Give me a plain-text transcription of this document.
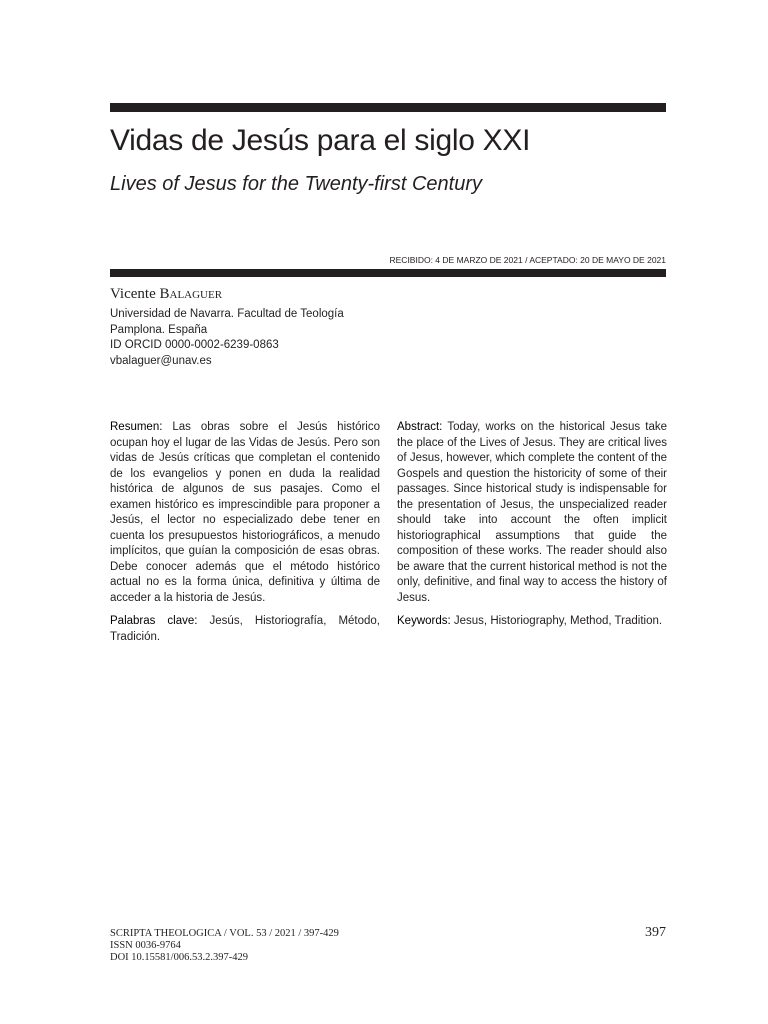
Vidas de Jesús para el siglo XXI
Lives of Jesus for the Twenty-first Century
RECIBIDO: 4 DE MARZO DE 2021 / ACEPTADO: 20 DE MAYO DE 2021
Vicente Balaguer
Universidad de Navarra. Facultad de Teología
Pamplona. España
ID ORCID 0000-0002-6239-0863
vbalaguer@unav.es

Resumen: Las obras sobre el Jesús histórico ocupan hoy el lugar de las Vidas de Jesús. Pero son vidas de Jesús críticas que completan el contenido de los evangelios y ponen en duda la realidad histórica de algunos de sus pasajes. Como el examen histórico es imprescindible para proponer a Jesús, el lector no especializado debe tener en cuenta los presupuestos historiográficos, a menudo implícitos, que guían la composición de esas obras. Debe conocer además que el método histórico actual no es la forma única, definitiva y última de acceder a la historia de Jesús.

Palabras clave: Jesús, Historiografía, Método, Tradición.

Abstract: Today, works on the historical Jesus take the place of the Lives of Jesus. They are critical lives of Jesus, however, which complete the content of the Gospels and question the historicity of some of their passages. Since historical study is indispensable for the presentation of Jesus, the unspecialized reader should take into account the often implicit historiographical assumptions that guide the composition of these works. The reader should also be aware that the current historical method is not the only, definitive, and final way to access the history of Jesus.

Keywords: Jesus, Historiography, Method, Tradition.

SCRIPTA THEOLOGICA / VOL. 53 / 2021 / 397-429
ISSN 0036-9764
DOI 10.15581/006.53.2.397-429
397
